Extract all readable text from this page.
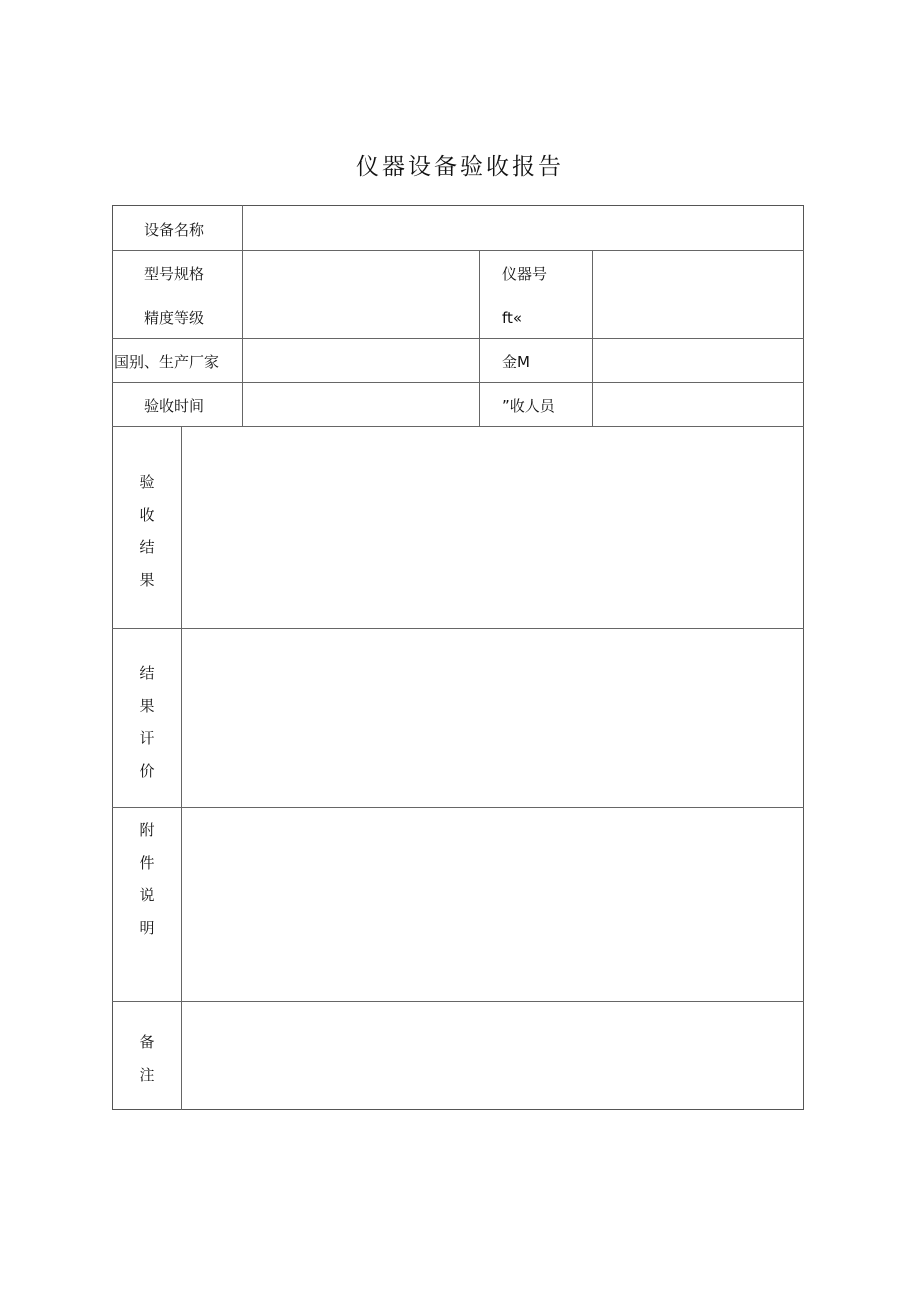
仪器设备验收报告
设备名称
型号规格
精度等级
仪器号
ft«
国别、生产厂家	金M
验收时间	”收人员
验
收
结
果
结
果
讦
价
附
件
说
明
备
注
